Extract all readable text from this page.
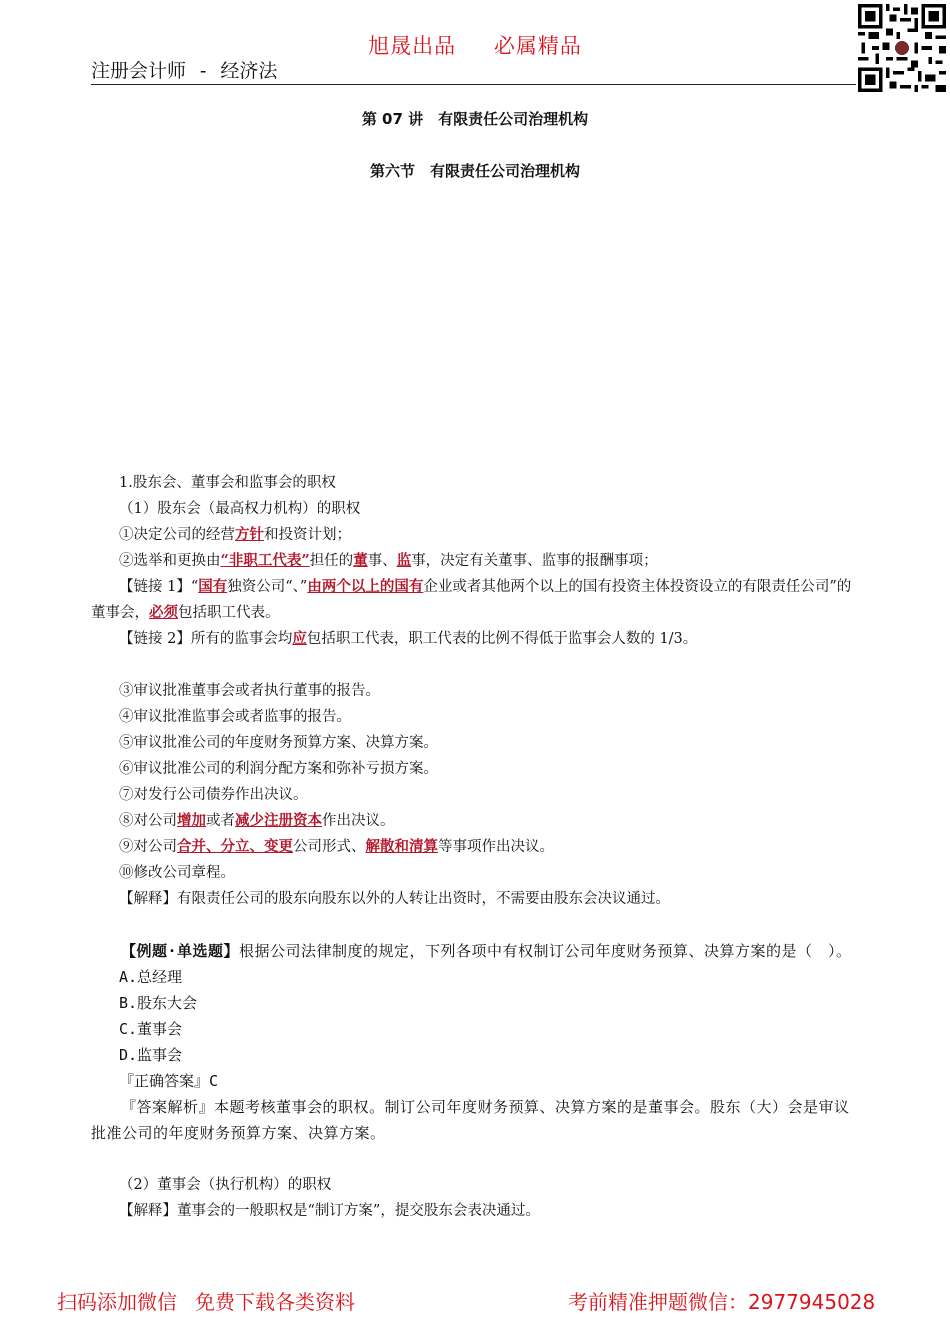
旭晟出品 必属精品
注册会计师 - 经济法
第 07 讲　有限责任公司治理机构
第六节　有限责任公司治理机构
1.股东会、董事会和监事会的职权
（1）股东会（最高权力机构）的职权
①决定公司的经营方针和投资计划；
②选举和更换由“非职工代表”担任的董事、监事，决定有关董事、监事的报酬事项；
【链接 1】“国有独资公司“、”由两个以上的国有企业或者其他两个以上的国有投资主体投资设立的有限责任公司”的董事会，必须包括职工代表。
【链接 2】所有的监事会均应包括职工代表，职工代表的比例不得低于监事会人数的 1/3。
③审议批准董事会或者执行董事的报告。
④审议批准监事会或者监事的报告。
⑤审议批准公司的年度财务预算方案、决算方案。
⑥审议批准公司的利润分配方案和弥补亏损方案。
⑦对发行公司债券作出决议。
⑧对公司增加或者减少注册资本作出决议。
⑨对公司合并、分立、变更公司形式、解散和清算等事项作出决议。
⑩修改公司章程。
【解释】有限责任公司的股东向股东以外的人转让出资时，不需要由股东会决议通过。
【例题·单选题】根据公司法律制度的规定，下列各项中有权制订公司年度财务预算、决算方案的是（　）。
A.总经理
B.股东大会
C.董事会
D.监事会
『正确答案』C
『答案解析』本题考核董事会的职权。制订公司年度财务预算、决算方案的是董事会。股东（大）会是审议批准公司的年度财务预算方案、决算方案。
（2）董事会（执行机构）的职权
【解释】董事会的一般职权是“制订方案”，提交股东会表决通过。
扫码添加微信 免费下载各类资料	考前精准押题微信：2977945028
